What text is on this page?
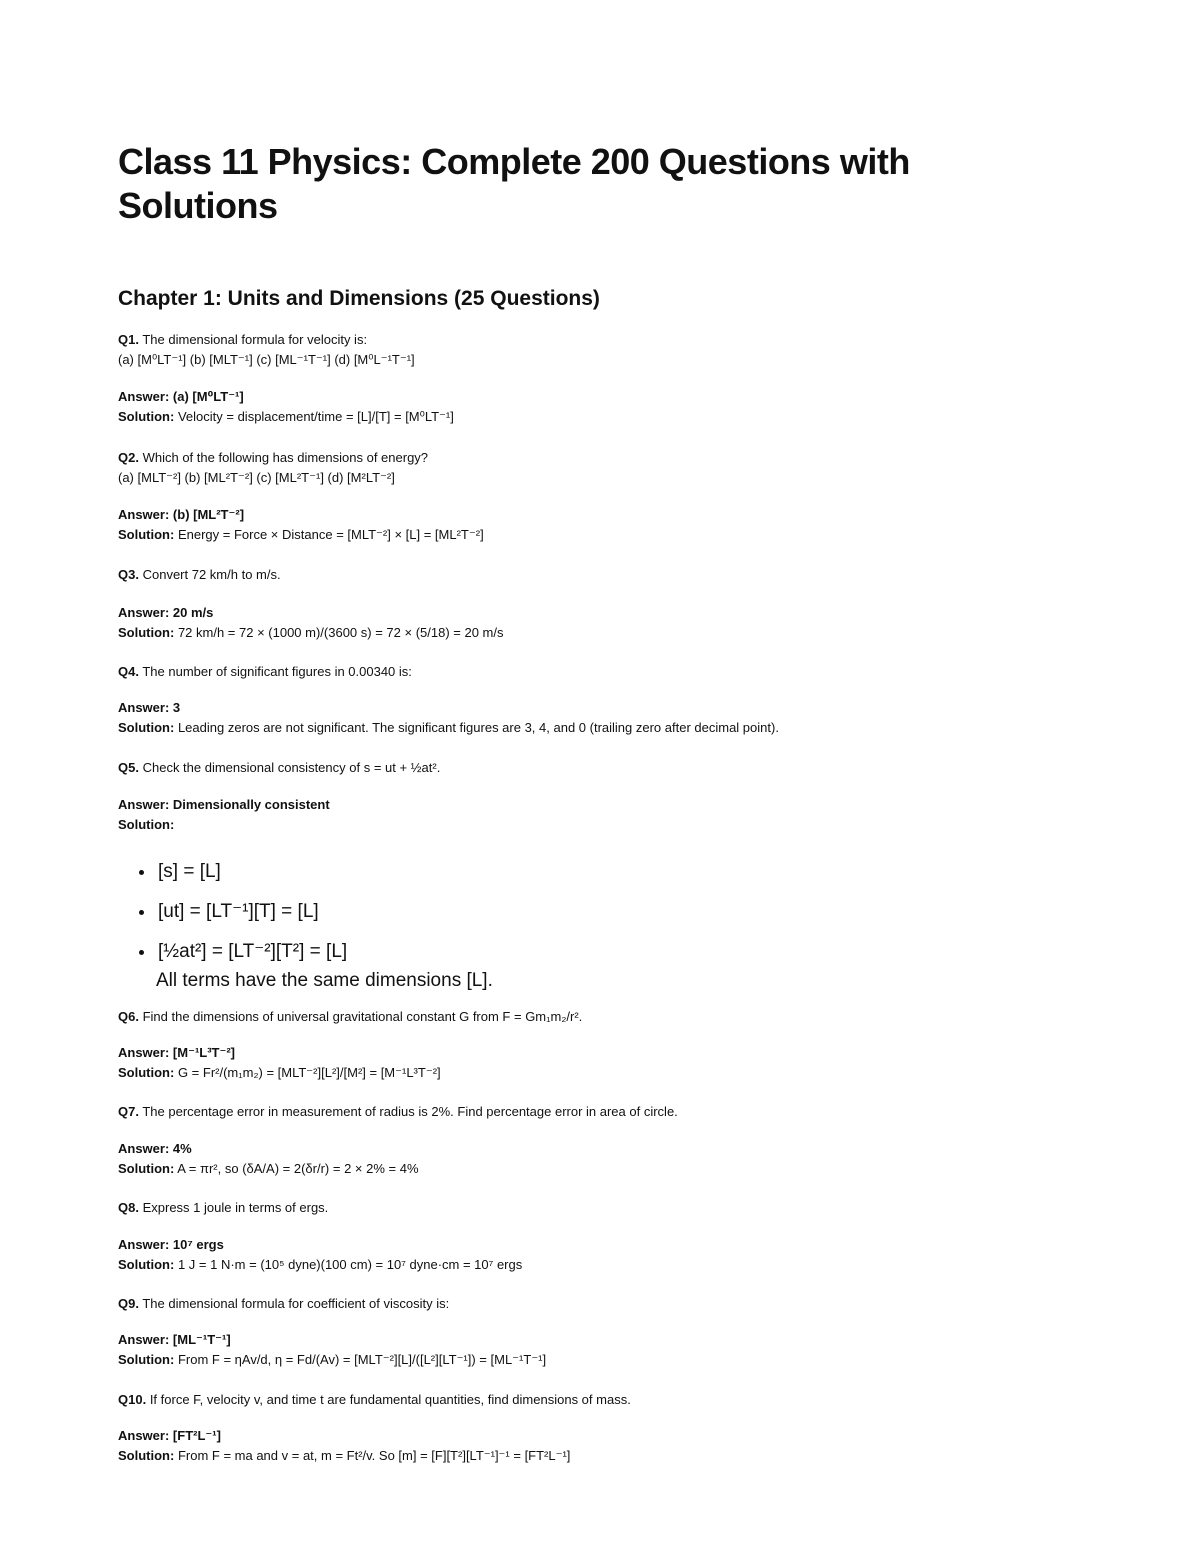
Class 11 Physics: Complete 200 Questions with Solutions
Chapter 1: Units and Dimensions (25 Questions)
Q1. The dimensional formula for velocity is:
(a) [M⁰LT⁻¹] (b) [MLT⁻¹] (c) [ML⁻¹T⁻¹] (d) [M⁰L⁻¹T⁻¹]
Answer: (a) [M⁰LT⁻¹]
Solution: Velocity = displacement/time = [L]/[T] = [M⁰LT⁻¹]
Q2. Which of the following has dimensions of energy?
(a) [MLT⁻²] (b) [ML²T⁻²] (c) [ML²T⁻¹] (d) [M²LT⁻²]
Answer: (b) [ML²T⁻²]
Solution: Energy = Force × Distance = [MLT⁻²] × [L] = [ML²T⁻²]
Q3. Convert 72 km/h to m/s.
Answer: 20 m/s
Solution: 72 km/h = 72 × (1000 m)/(3600 s) = 72 × (5/18) = 20 m/s
Q4. The number of significant figures in 0.00340 is:
Answer: 3
Solution: Leading zeros are not significant. The significant figures are 3, 4, and 0 (trailing zero after decimal point).
Q5. Check the dimensional consistency of s = ut + ½at².
Answer: Dimensionally consistent
Solution:
• [s] = [L]
• [ut] = [LT⁻¹][T] = [L]
• [½at²] = [LT⁻²][T²] = [L]
All terms have the same dimensions [L].
Q6. Find the dimensions of universal gravitational constant G from F = Gm₁m₂/r².
Answer: [M⁻¹L³T⁻²]
Solution: G = Fr²/(m₁m₂) = [MLT⁻²][L²]/[M²] = [M⁻¹L³T⁻²]
Q7. The percentage error in measurement of radius is 2%. Find percentage error in area of circle.
Answer: 4%
Solution: A = πr², so (δA/A) = 2(δr/r) = 2 × 2% = 4%
Q8. Express 1 joule in terms of ergs.
Answer: 10⁷ ergs
Solution: 1 J = 1 N·m = (10⁵ dyne)(100 cm) = 10⁷ dyne·cm = 10⁷ ergs
Q9. The dimensional formula for coefficient of viscosity is:
Answer: [ML⁻¹T⁻¹]
Solution: From F = ηAv/d, η = Fd/(Av) = [MLT⁻²][L]/([L²][LT⁻¹]) = [ML⁻¹T⁻¹]
Q10. If force F, velocity v, and time t are fundamental quantities, find dimensions of mass.
Answer: [FT²L⁻¹]
Solution: From F = ma and v = at, m = Ft²/v. So [m] = [F][T²][LT⁻¹]⁻¹ = [FT²L⁻¹]
